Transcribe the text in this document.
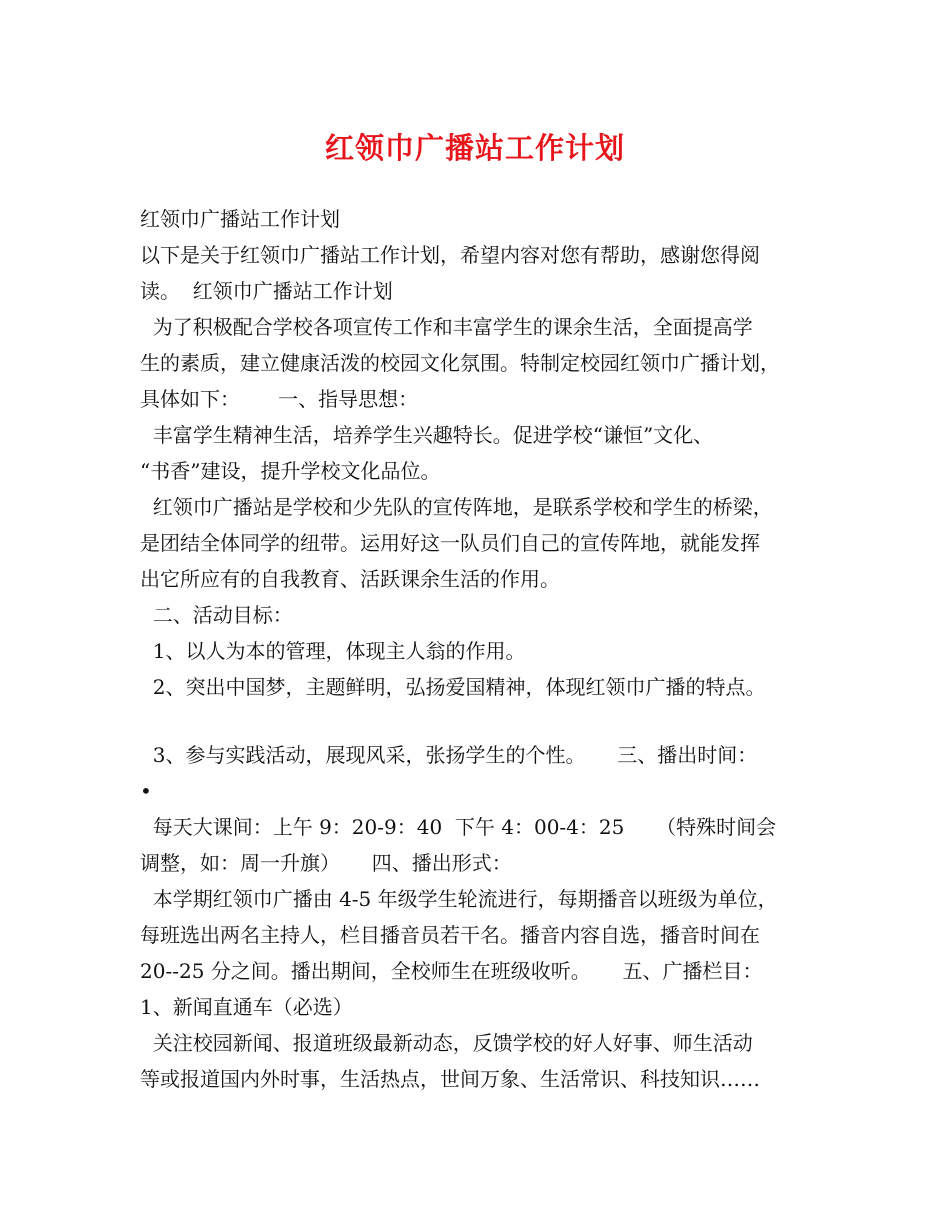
红领巾广播站工作计划
红领巾广播站工作计划
以下是关于红领巾广播站工作计划，希望内容对您有帮助，感谢您得阅
读。  红领巾广播站工作计划
为了积极配合学校各项宣传工作和丰富学生的课余生活，全面提高学
生的素质，建立健康活泼的校园文化氛围。特制定校园红领巾广播计划，
具体如下：      一、指导思想：
丰富学生精神生活，培养学生兴趣特长。促进学校“谦恒”文化、
“书香”建设，提升学校文化品位。
红领巾广播站是学校和少先队的宣传阵地，是联系学校和学生的桥梁，
是团结全体同学的纽带。运用好这一队员们自己的宣传阵地，就能发挥
出它所应有的自我教育、活跃课余生活的作用。
二、活动目标：
1、以人为本的管理，体现主人翁的作用。
2、突出中国梦，主题鲜明，弘扬爱国精神，体现红领巾广播的特点。
3、参与实践活动，展现风采，张扬学生的个性。     三、播出时间：
•
每天大课间：上午 9：20-9：40  下午 4：00-4：25     （特殊时间会
调整，如：周一升旗）     四、播出形式：
本学期红领巾广播由 4-5 年级学生轮流进行，每期播音以班级为单位，
每班选出两名主持人，栏目播音员若干名。播音内容自选，播音时间在
20--25 分之间。播出期间，全校师生在班级收听。     五、广播栏目：
1、新闻直通车（必选）
关注校园新闻、报道班级最新动态，反馈学校的好人好事、师生活动
等或报道国内外时事，生活热点，世间万象、生活常识、科技知识……
